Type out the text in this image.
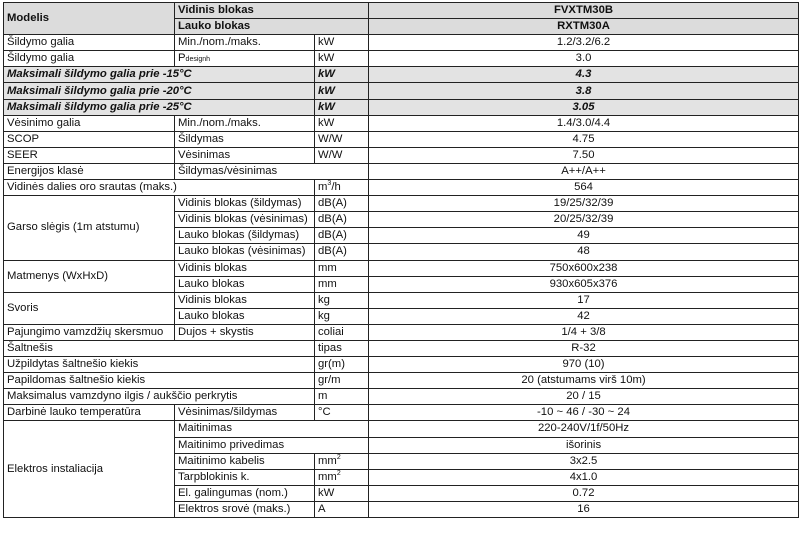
Modelis	Vidinis blokas		FVXTM30B
	Lauko blokas		RXTM30A
Šildymo galia	Min./nom./maks.	kW	1.2/3.2/6.2
Šildymo galia	Pdesignh	kW	3.0
Maksimali šildymo galia prie -15°C		kW	4.3
Maksimali šildymo galia prie -20°C		kW	3.8
Maksimali šildymo galia prie -25°C		kW	3.05
Vėsinimo galia	Min./nom./maks.	kW	1.4/3.0/4.4
SCOP	Šildymas	W/W	4.75
SEER	Vėsinimas	W/W	7.50
Energijos klasė	Šildymas/vėsinimas		A++/A++
Vidinės dalies oro srautas (maks.)		$m^3/h$	564
Garso slėgis (1m atstumu)	Vidinis blokas (šildymas)	dB(A)	19/25/32/39
	Vidinis blokas (vėsinimas)	dB(A)	20/25/32/39
	Lauko blokas (šildymas)	dB(A)	49
	Lauko blokas (vėsinimas)	dB(A)	48
Matmenys (WxHxD)	Vidinis blokas	mm	750x600x238
	Lauko blokas	mm	930x605x376
Svoris	Vidinis blokas	kg	17
	Lauko blokas	kg	42
Pajungimo vamzdžių skersmuo	Dujos + skystis	coliai	1/4 + 3/8
Šaltnešis		tipas	R-32
Užpildytas šaltnešio kiekis		gr(m)	970 (10)
Papildomas šaltnešio kiekis		gr/m	20 (atstumams virš 10m)
Maksimalus vamzdyno ilgis / aukščio perkrytis		m	20 / 15
Darbinė lauko temperatūra	Vėsinimas/šildymas	°C	-10 ~ 46 / -30 ~ 24
Elektros instaliacija	Maitinimas		220-240V/1f/50Hz
	Maitinimo privedimas		išorinis
	Maitinimo kabelis	$mm^2$	3x2.5
	Tarpblokinis k.	$mm^2$	4x1.0
	El. galingumas (nom.)	kW	0.72
	Elektros srovė (maks.)	A	16
